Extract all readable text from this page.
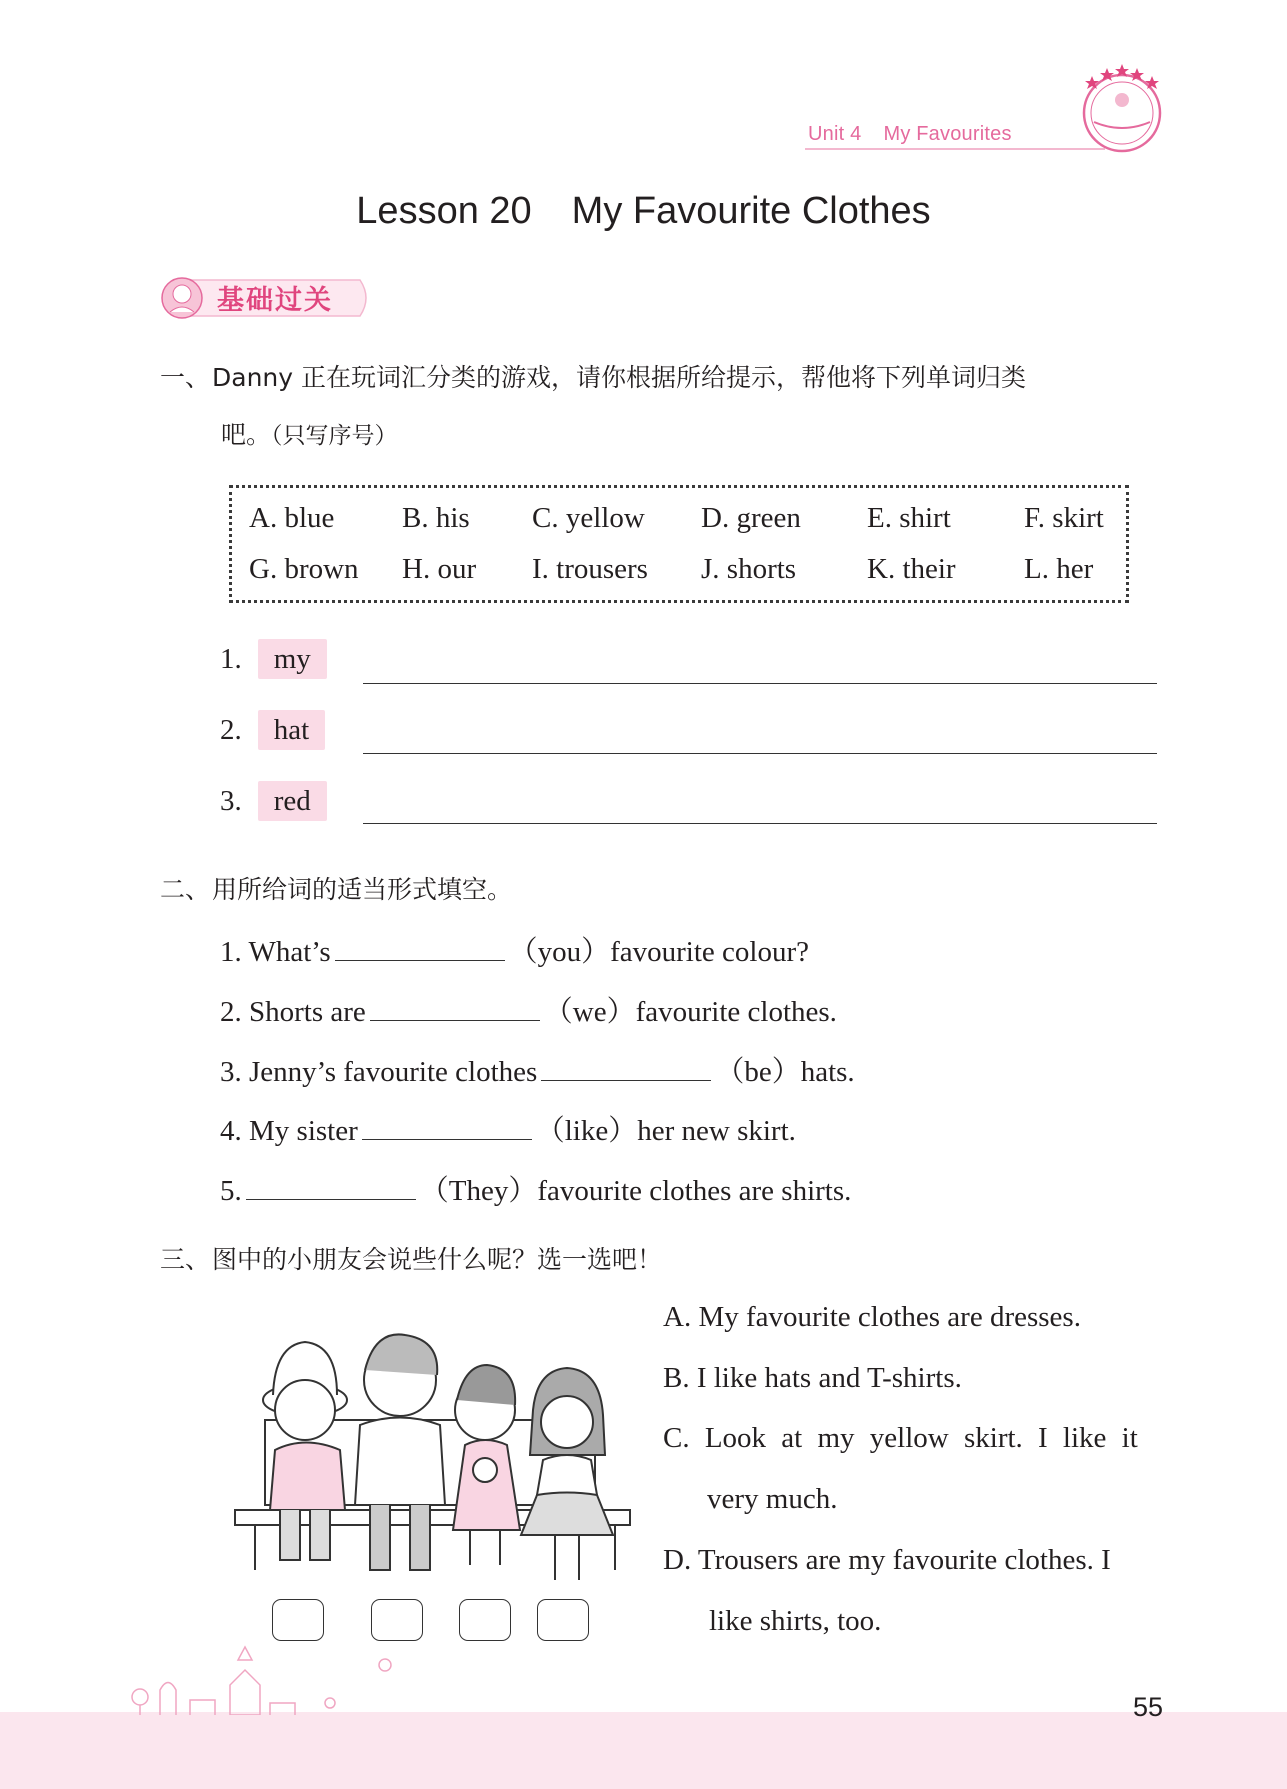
Unit 4 My Favourites
Lesson 20 My Favourite Clothes
基础过关
一、Danny 正在玩词汇分类的游戏，请你根据所给提示，帮他将下列单词归类
吧。（只写序号）
A. blue B. his C. yellow D. green E. shirt	F. skirt
G. brown H. our I. trousers J. shorts K. their L. her
1. my
2. hat
3. red
二、用所给词的适当形式填空。
1. What’s	（you）favourite colour?
2. Shorts are	（we）favourite clothes.
3. Jenny’s favourite clothes	（be）hats.
4. My sister	（like）her new skirt.
5.	（They）favourite clothes are shirts.
三、图中的小朋友会说些什么呢？选一选吧！
A. My favourite clothes are dresses.
B. I like hats and T-shirts.
C. Look at my yellow skirt. I like it
very much.
D. Trousers are my favourite clothes. I
like shirts, too.
55
